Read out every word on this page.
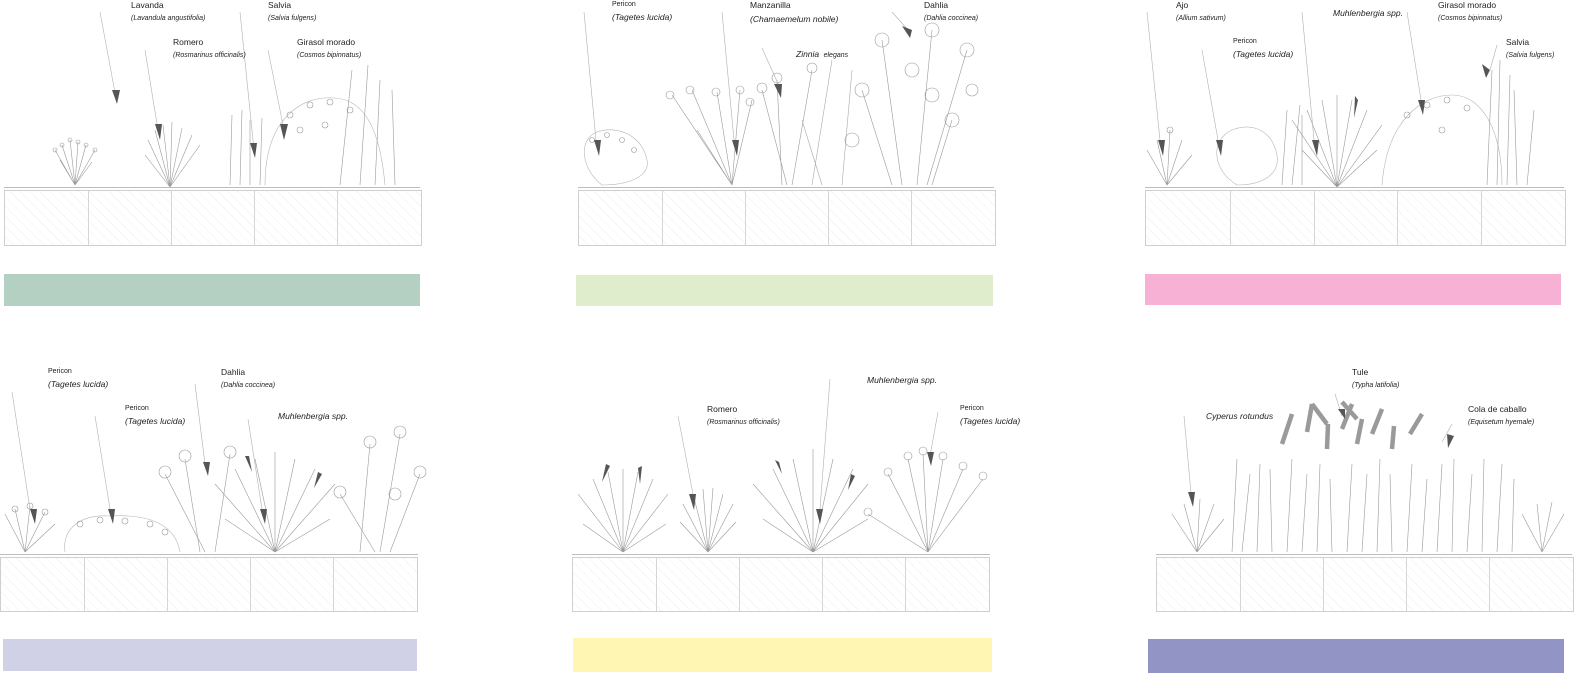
Lavanda
(Lavandula angustifolia)
Salvia
(Salvia fulgens)
Romero
(Rosmarinus officinalis)
Girasol morado
(Cosmos bipinnatus)
Pericon
(Tagetes lucida)
Manzanilla
(Chamaemelum nobile)
Dahlia
(Dahlia coccinea)
Zinnia elegans
Ajo
(Allium sativum)	Muhlenbergia spp.
Girasol morado
(Cosmos bipinnatus)
Pericon
(Tagetes lucida)
Salvia
(Salvia fulgens)
Pericon
(Tagetes lucida)
Dahlia
(Dahlia coccinea)
Pericon
(Tagetes lucida)	Muhlenbergia spp.
Muhlenbergia spp.
Romero
(Rosmarinus officinalis)
Pericon
(Tagetes lucida)
Tule
(Typha latifolia)
Cola de caballo
(Equisetum hyemale)
Cyperus rotundus
